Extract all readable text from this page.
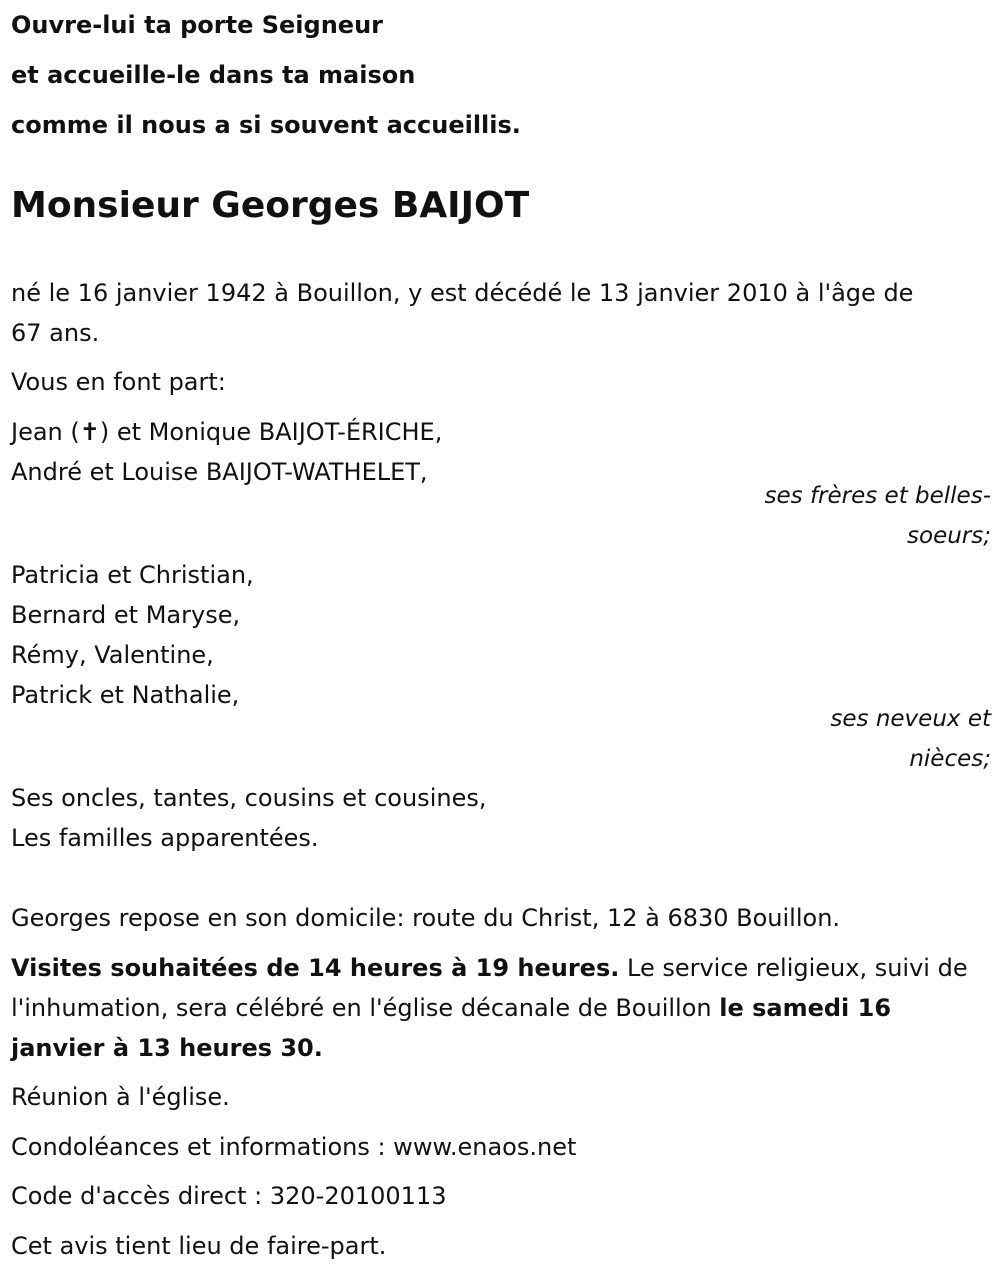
Ouvre-lui ta porte Seigneur
et accueille-le dans ta maison
comme il nous a si souvent accueillis.
Monsieur Georges BAIJOT
né le 16 janvier 1942 à Bouillon, y est décédé le 13 janvier 2010 à l'âge de
67 ans.
Vous en font part:
Jean (✝) et Monique BAIJOT-ÉRICHE,
André et Louise BAIJOT-WATHELET,
ses frères et belles-
soeurs;
Patricia et Christian,
Bernard et Maryse,
Rémy, Valentine,
Patrick et Nathalie,
ses neveux et
nièces;
Ses oncles, tantes, cousins et cousines,
Les familles apparentées.
Georges repose en son domicile: route du Christ, 12 à 6830 Bouillon.
Visites souhaitées de 14 heures à 19 heures. Le service religieux, suivi de l'inhumation, sera célébré en l'église décanale de Bouillon le samedi 16 janvier à 13 heures 30.
Réunion à l'église.
Condoléances et informations : www.enaos.net
Code d'accès direct : 320-20100113
Cet avis tient lieu de faire-part.
